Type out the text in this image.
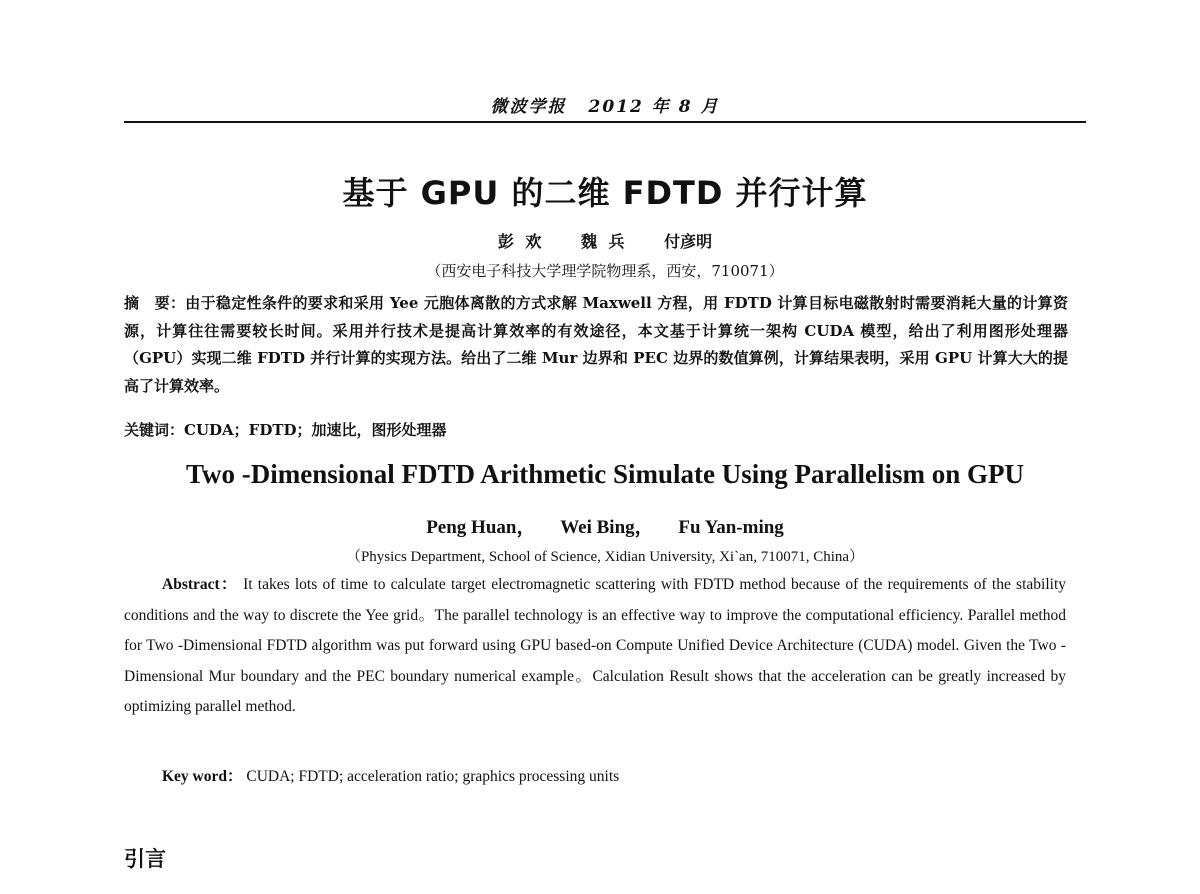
微波学报 2012 年 8 月
基于 GPU 的二维 FDTD 并行计算
彭 欢 魏 兵 付彦明
（西安电子科技大学理学院物理系，西安，710071）
摘　要：由于稳定性条件的要求和采用 Yee 元胞体离散的方式求解 Maxwell 方程，用 FDTD 计算目标电磁散射时需要消耗大量的计算资源，计算往往需要较长时间。采用并行技术是提高计算效率的有效途径，本文基于计算统一架构 CUDA 模型，给出了利用图形处理器（GPU）实现二维 FDTD 并行计算的实现方法。给出了二维 Mur 边界和 PEC 边界的数值算例，计算结果表明，采用 GPU 计算大大的提高了计算效率。
关键词：CUDA；FDTD；加速比，图形处理器
Two -Dimensional FDTD Arithmetic Simulate Using Parallelism on GPU
Peng Huan， Wei Bing， Fu Yan-ming
（Physics Department, School of Science, Xidian University, Xi`an, 710071, China）
Abstract： It takes lots of time to calculate target electromagnetic scattering with FDTD method because of the requirements of the stability conditions and the way to discrete the Yee grid。The parallel technology is an effective way to improve the computational efficiency. Parallel method for Two -Dimensional FDTD algorithm was put forward using GPU based-on Compute Unified Device Architecture (CUDA) model. Given the Two -Dimensional Mur boundary and the PEC boundary numerical example。Calculation Result shows that the acceleration can be greatly increased by optimizing parallel method.
Key word： CUDA; FDTD; acceleration ratio; graphics processing units
引言
